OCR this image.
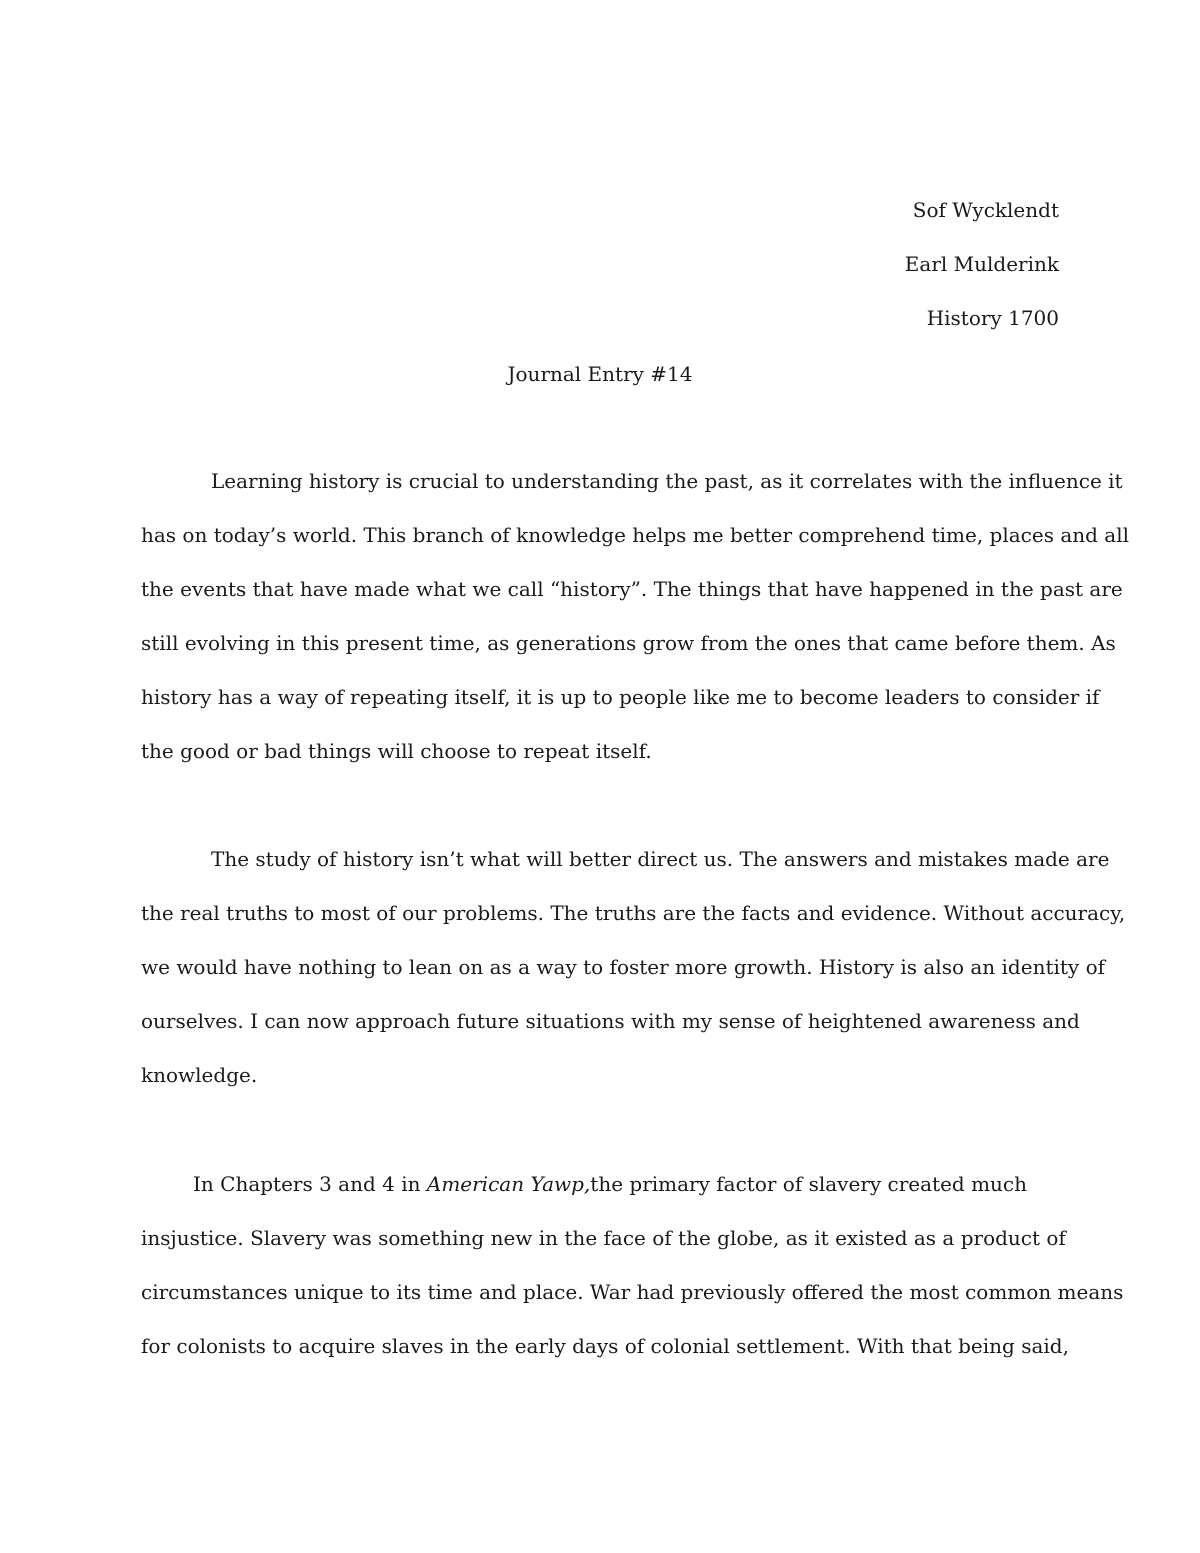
Sof Wycklendt
Earl Mulderink
History 1700
Journal Entry #14
Learning history is crucial to understanding the past, as it correlates with the influence it
has on today’s world. This branch of knowledge helps me better comprehend time, places and all
the events that have made what we call “history”. The things that have happened in the past are
still evolving in this present time, as generations grow from the ones that came before them. As
history has a way of repeating itself, it is up to people like me to become leaders to consider if
the good or bad things will choose to repeat itself.
The study of history isn’t what will better direct us. The answers and mistakes made are
the real truths to most of our problems. The truths are the facts and evidence. Without accuracy,
we would have nothing to lean on as a way to foster more growth. History is also an identity of
ourselves. I can now approach future situations with my sense of heightened awareness and
knowledge.
In Chapters 3 and 4 in American Yawp,the primary factor of slavery created much
insjustice. Slavery was something new in the face of the globe, as it existed as a product of
circumstances unique to its time and place. War had previously offered the most common means
for colonists to acquire slaves in the early days of colonial settlement. With that being said,
